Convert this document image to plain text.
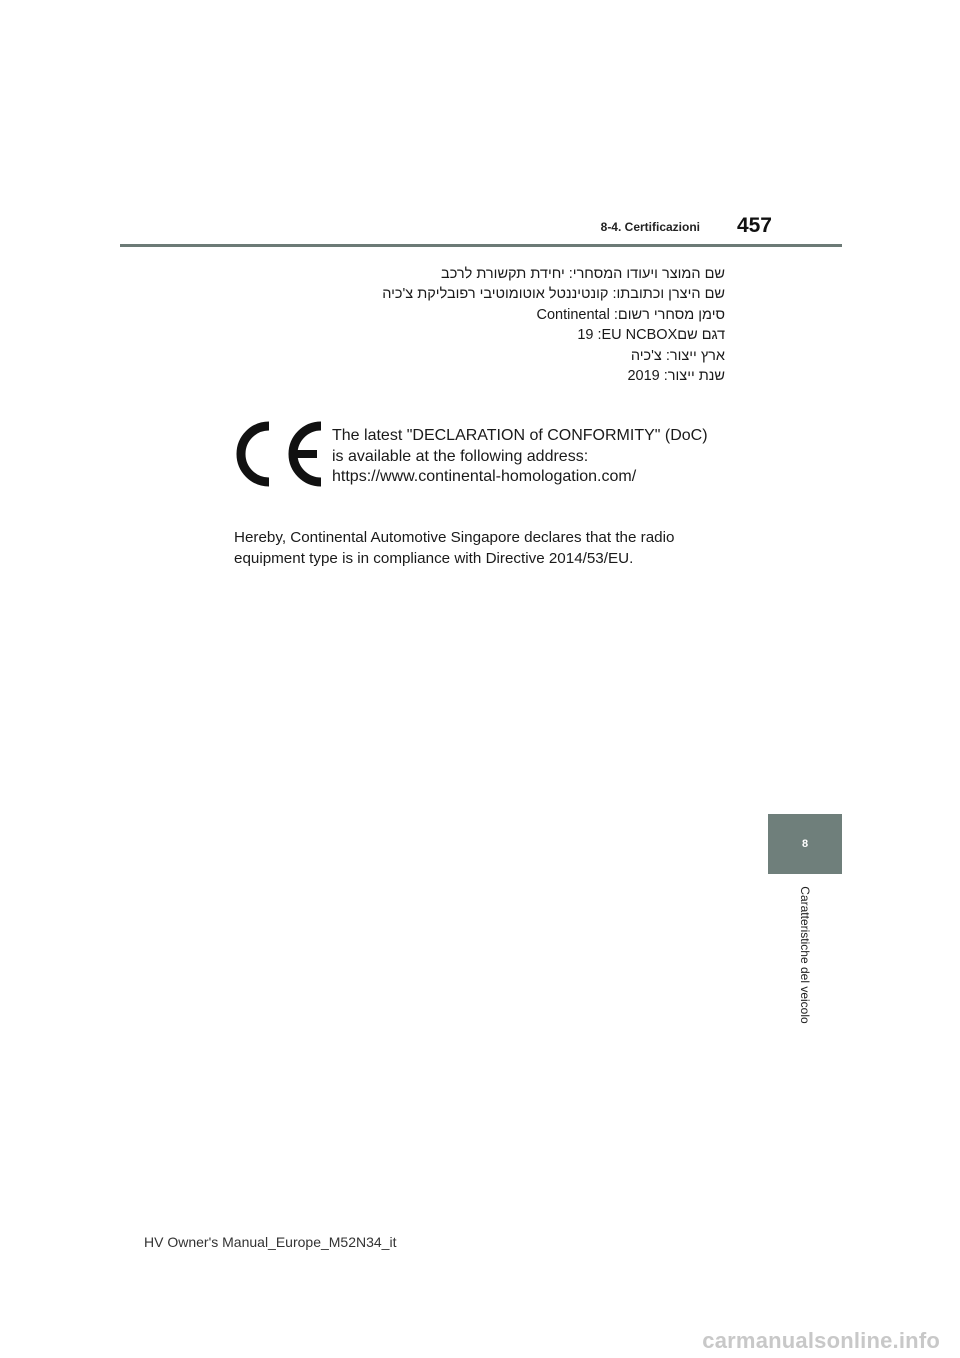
8-4. Certificazioni 457
שם המוצר ויעודו המסחרי: יחידת תקשורת לרכב
שם היצרן וכתובתו: קונטיננטל אוטומוטיבי רפובליקת צ'כיה
סימן מסחרי רשום: Continental
דגם שם‎EU NCBOX‏: 19
ארץ ייצור: צ'כיה
שנת ייצור: 2019
The latest "DECLARATION of CONFORMITY" (DoC)
is available at the following address:
https://www.continental-homologation.com/
Hereby, Continental Automotive Singapore declares that the radio
equipment type is in compliance with Directive 2014/53/EU.
8
Caratteristiche del veicolo
HV Owner's Manual_Europe_M52N34_it
carmanualsonline.info
